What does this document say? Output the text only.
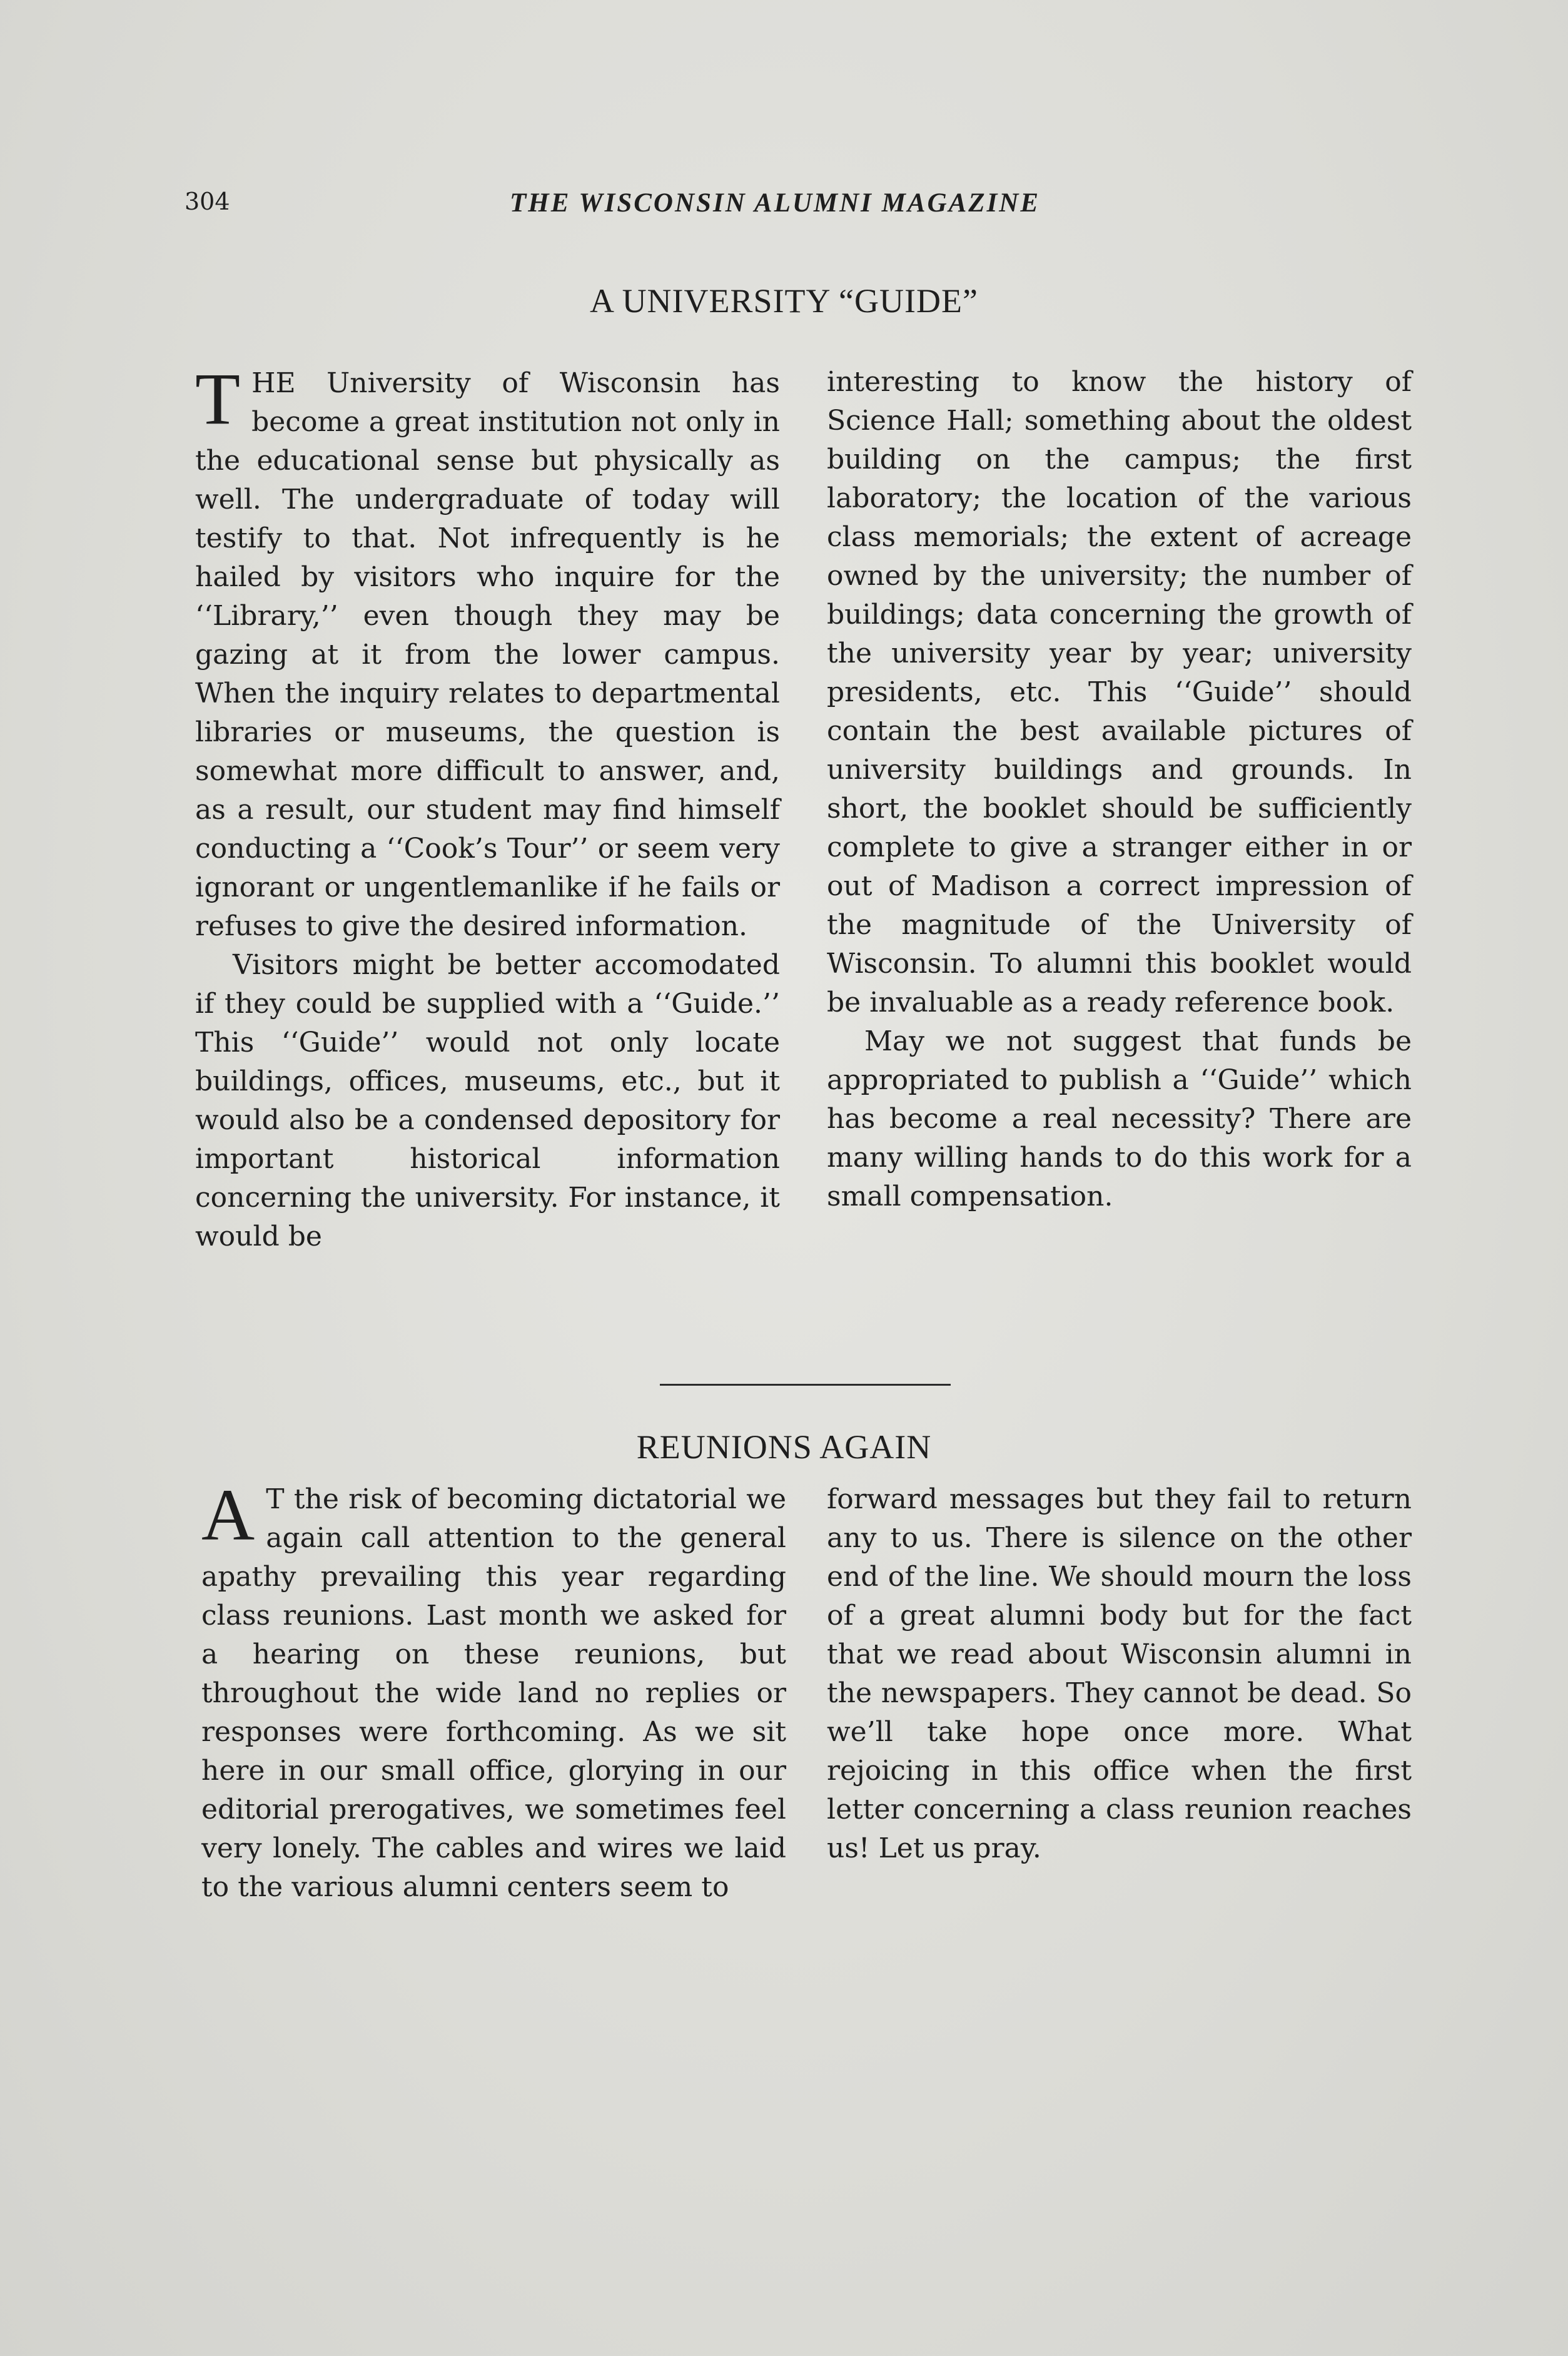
304	THE WISCONSIN ALUMNI MAGAZINE
A UNIVERSITY “GUIDE”

THE University of Wisconsin has become a great institution not only in the educational sense but physically as well. The undergraduate of today will testify to that. Not infrequently is he hailed by visitors who inquire for the ‘‘Library,’’ even though they may be gazing at it from the lower campus. When the inquiry relates to departmental libraries or museums, the question is somewhat more difficult to answer, and, as a result, our student may find himself conducting a ‘‘Cook’s Tour’’ or seem very ignorant or ungentlemanlike if he fails or refuses to give the desired information.

Visitors might be better accomodated if they could be supplied with a ‘‘Guide.’’ This ‘‘Guide’’ would not only locate buildings, offices, museums, etc., but it would also be a condensed depository for important historical information concerning the university. For instance, it would be

interesting to know the history of Science Hall; something about the oldest building on the campus; the first laboratory; the location of the various class memorials; the extent of acreage owned by the university; the number of buildings; data concerning the growth of the university year by year; university presidents, etc. This ‘‘Guide’’ should contain the best available pictures of university buildings and grounds. In short, the booklet should be sufficiently complete to give a stranger either in or out of Madison a correct impression of the magnitude of the University of Wisconsin. To alumni this booklet would be invaluable as a ready reference book.

May we not suggest that funds be appropriated to publish a ‘‘Guide’’ which has become a real necessity? There are many willing hands to do this work for a small compensation.

REUNIONS AGAIN

A T the risk of becoming dictatorial we again call attention to the general apathy prevailing this year regarding class reunions. Last month we asked for a hearing on these reunions, but throughout the wide land no replies or responses were forthcoming. As we sit here in our small office, glorying in our editorial prerogatives, we sometimes feel very lonely. The cables and wires we laid to the various alumni centers seem to

forward messages but they fail to return any to us. There is silence on the other end of the line. We should mourn the loss of a great alumni body but for the fact that we read about Wisconsin alumni in the newspapers. They cannot be dead. So we’ll take hope once more. What rejoicing in this office when the first letter concerning a class reunion reaches us! Let us pray.
